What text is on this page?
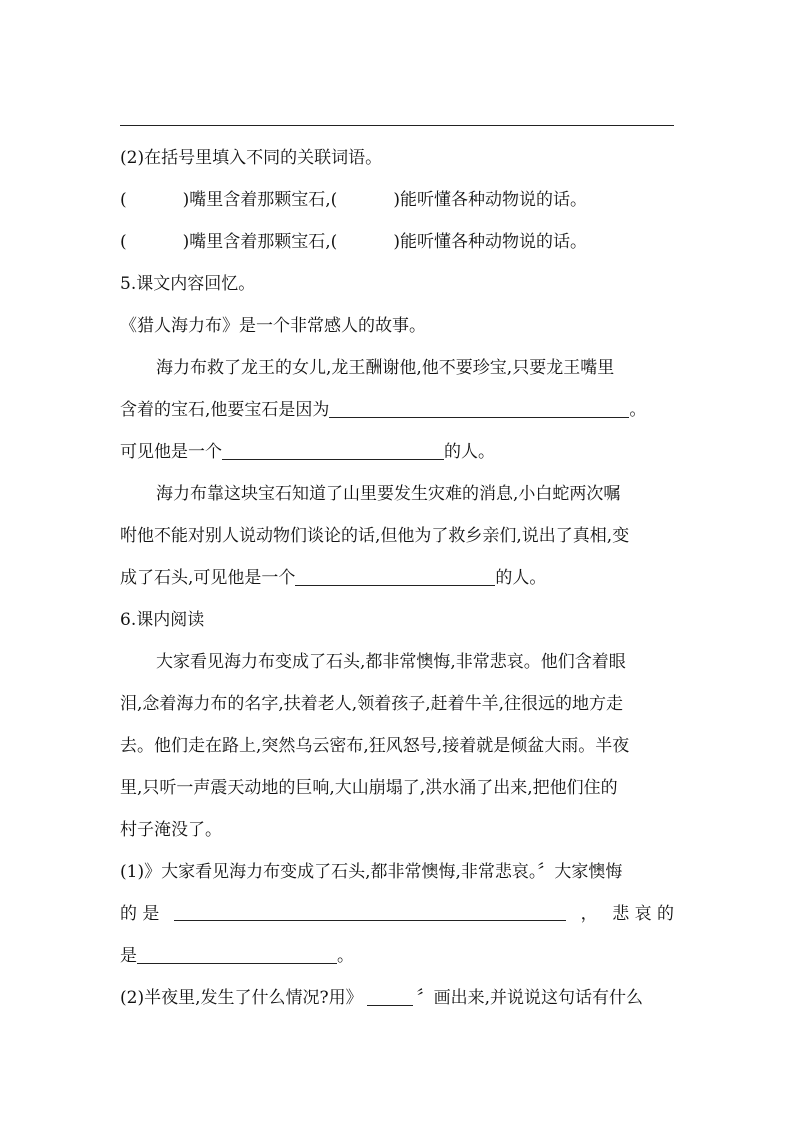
(2)在括号里填入不同的关联词语。
(	)嘴里含着那颗宝石,(	)能听懂各种动物说的话。
(	)嘴里含着那颗宝石,(	)能听懂各种动物说的话。
5.课文内容回忆。
《猎人海力布》是一个非常感人的故事。
海力布救了龙王的女儿,龙王酬谢他,他不要珍宝,只要龙王嘴里
含着的宝石,他要宝石是因为	。
可见他是一个	的人。
海力布靠这块宝石知道了山里要发生灾难的消息,小白蛇两次嘱
咐他不能对别人说动物们谈论的话,但他为了救乡亲们,说出了真相,变
成了石头,可见他是一个	的人。
6.课内阅读
大家看见海力布变成了石头,都非常懊悔,非常悲哀。他们含着眼
泪,念着海力布的名字,扶着老人,领着孩子,赶着牛羊,往很远的地方走
去。他们走在路上,突然乌云密布,狂风怒号,接着就是倾盆大雨。半夜
里,只听一声震天动地的巨响,大山崩塌了,洪水涌了出来,把他们住的
村子淹没了。
(1)》大家看见海力布变成了石头,都非常懊悔,非常悲哀。〞大家懊悔
的 是	， 悲 哀 的
是	。
(2)半夜里,发生了什么情况?用》	〞画出来,并说说这句话有什么
